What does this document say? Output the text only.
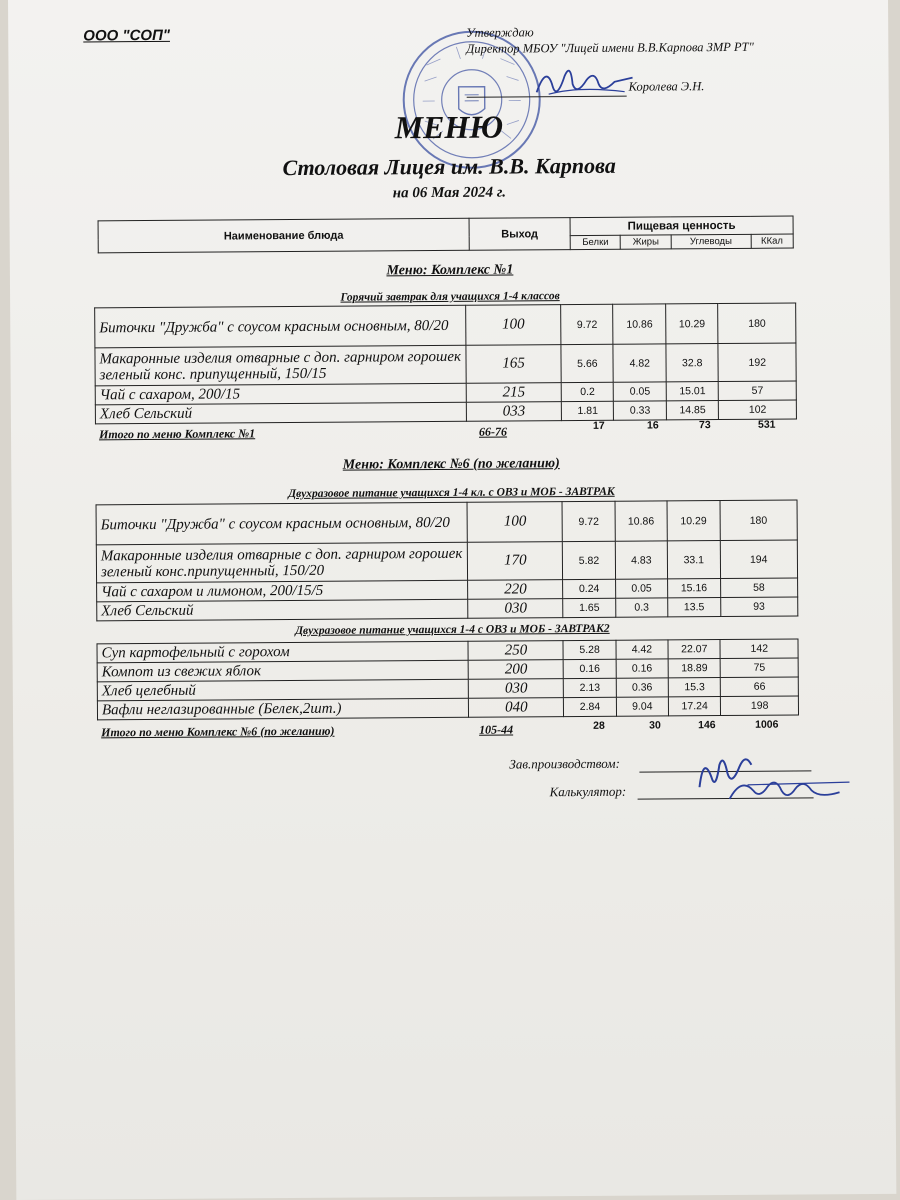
ООО "СОП"	Утверждаю
Директор МБОУ "Лицей имени В.В.Карпова ЗМР РТ"
Королева Э.Н.
МЕНЮ
Столовая Лицея им. В.В. Карпова
на 06 Мая 2024 г.
Наименование блюда	Выход	Пищевая ценность			
		Белки	Жиры	Углеводы	ККал
Меню: Комплекс №1
Горячий завтрак для учащихся 1-4 классов
Биточки "Дружба" с соусом красным основным, 80/20	100	9.72	10.86	10.29	180
Макаронные изделия отварные с доп. гарниром горошек зеленый конс. припущенный, 150/15	165	5.66	4.82	32.8	192
Чай с сахаром, 200/15	215	0.2	0.05	15.01	57
Хлеб Сельский	033	1.81	0.33	14.85	102
Итого по меню Комплекс №1	66-76	17	16	73	531
Меню: Комплекс №6 (по желанию)
Двухразовое питание учащихся 1-4 кл. с ОВЗ и МОБ - ЗАВТРАК
Биточки "Дружба" с соусом красным основным, 80/20	100	9.72	10.86	10.29	180
Макаронные изделия отварные с доп. гарниром горошек зеленый конс.припущенный, 150/20	170	5.82	4.83	33.1	194
Чай с сахаром и лимоном, 200/15/5	220	0.24	0.05	15.16	58
Хлеб Сельский	030	1.65	0.3	13.5	93
Двухразовое питание учащихся 1-4 с ОВЗ и МОБ - ЗАВТРАК2
Суп картофельный с горохом	250	5.28	4.42	22.07	142
Компот из свежих яблок	200	0.16	0.16	18.89	75
Хлеб целебный	030	2.13	0.36	15.3	66
Вафли неглазированные (Белек,2шт.)	040	2.84	9.04	17.24	198
Итого по меню Комплекс №6 (по желанию)	105-44	28	30	146	1006
Зав.производством:
Калькулятор:
